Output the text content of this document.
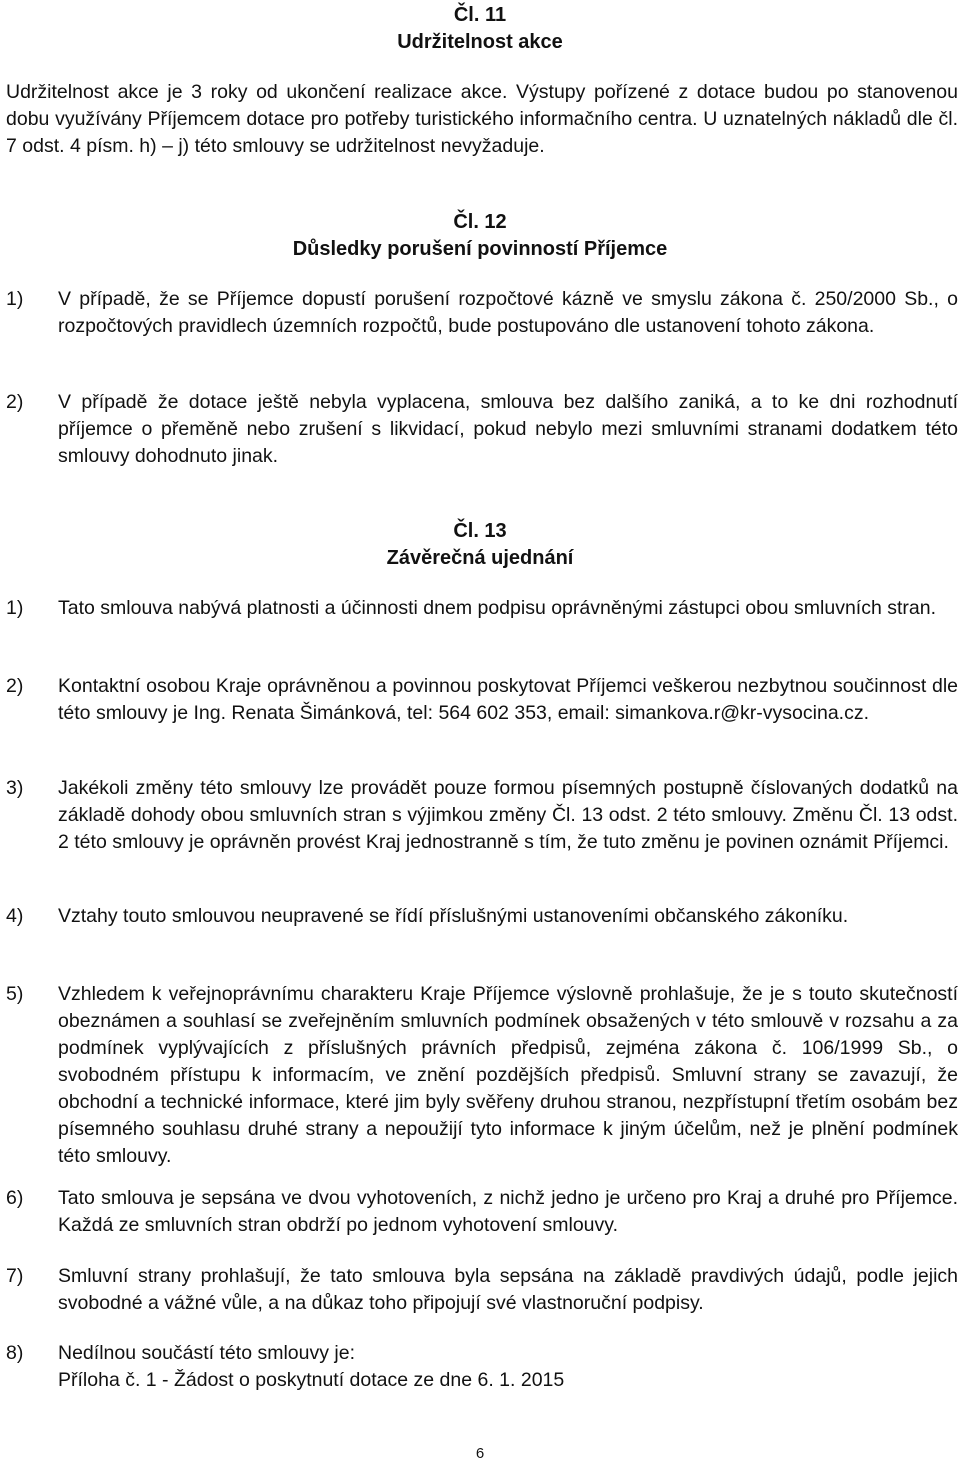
Čl. 11

Udržitelnost akce

Udržitelnost akce je 3 roky od ukončení realizace akce. Výstupy pořízené z dotace budou po stanovenou dobu využívány Příjemcem dotace pro potřeby turistického informačního centra. U uznatelných nákladů dle čl. 7 odst. 4 písm. h) – j) této smlouvy se udržitelnost nevyžaduje.

Čl. 12

Důsledky porušení povinností Příjemce

1)	V případě, že se Příjemce dopustí porušení rozpočtové kázně ve smyslu zákona č. 250/2000 Sb., o rozpočtových pravidlech územních rozpočtů, bude postupováno dle ustanovení tohoto zákona.
2)	V případě že dotace ještě nebyla vyplacena, smlouva bez dalšího zaniká, a to ke dni rozhodnutí příjemce o přeměně nebo zrušení s likvidací, pokud nebylo mezi smluvními stranami dodatkem této smlouvy dohodnuto jinak.

Čl. 13

Závěrečná ujednání

1)	Tato smlouva nabývá platnosti a účinnosti dnem podpisu oprávněnými zástupci obou smluvních stran.
2)	Kontaktní osobou Kraje oprávněnou a povinnou poskytovat Příjemci veškerou nezbytnou součinnost dle této smlouvy je Ing. Renata Šimánková, tel: 564 602 353, email: simankova.r@kr-vysocina.cz.
3)	Jakékoli změny této smlouvy lze provádět pouze formou písemných postupně číslovaných dodatků na základě dohody obou smluvních stran s výjimkou změny Čl. 13 odst. 2 této smlouvy. Změnu Čl. 13 odst. 2 této smlouvy je oprávněn provést Kraj jednostranně s tím, že tuto změnu je povinen oznámit Příjemci.
4)	Vztahy touto smlouvou neupravené se řídí příslušnými ustanoveními občanského zákoníku.
5)	Vzhledem k veřejnoprávnímu charakteru Kraje Příjemce výslovně prohlašuje, že je s touto skutečností obeznámen a souhlasí se zveřejněním smluvních podmínek obsažených v této smlouvě v rozsahu a za podmínek vyplývajících z příslušných právních předpisů, zejména zákona č. 106/1999 Sb., o svobodném přístupu k informacím, ve znění pozdějších předpisů. Smluvní strany se zavazují, že obchodní a technické informace, které jim byly svěřeny druhou stranou, nezpřístupní třetím osobám bez písemného souhlasu druhé strany a nepoužijí tyto informace k jiným účelům, než je plnění podmínek této smlouvy.
6)	Tato smlouva je sepsána ve dvou vyhotoveních, z nichž jedno je určeno pro Kraj a druhé pro Příjemce. Každá ze smluvních stran obdrží po jednom vyhotovení smlouvy.
7)	Smluvní strany prohlašují, že tato smlouva byla sepsána na základě pravdivých údajů, podle jejich svobodné a vážné vůle, a na důkaz toho připojují své vlastnoruční podpisy.
8)	Nedílnou součástí této smlouvy je:
Příloha č. 1 - Žádost o poskytnutí dotace ze dne 6. 1. 2015
6
